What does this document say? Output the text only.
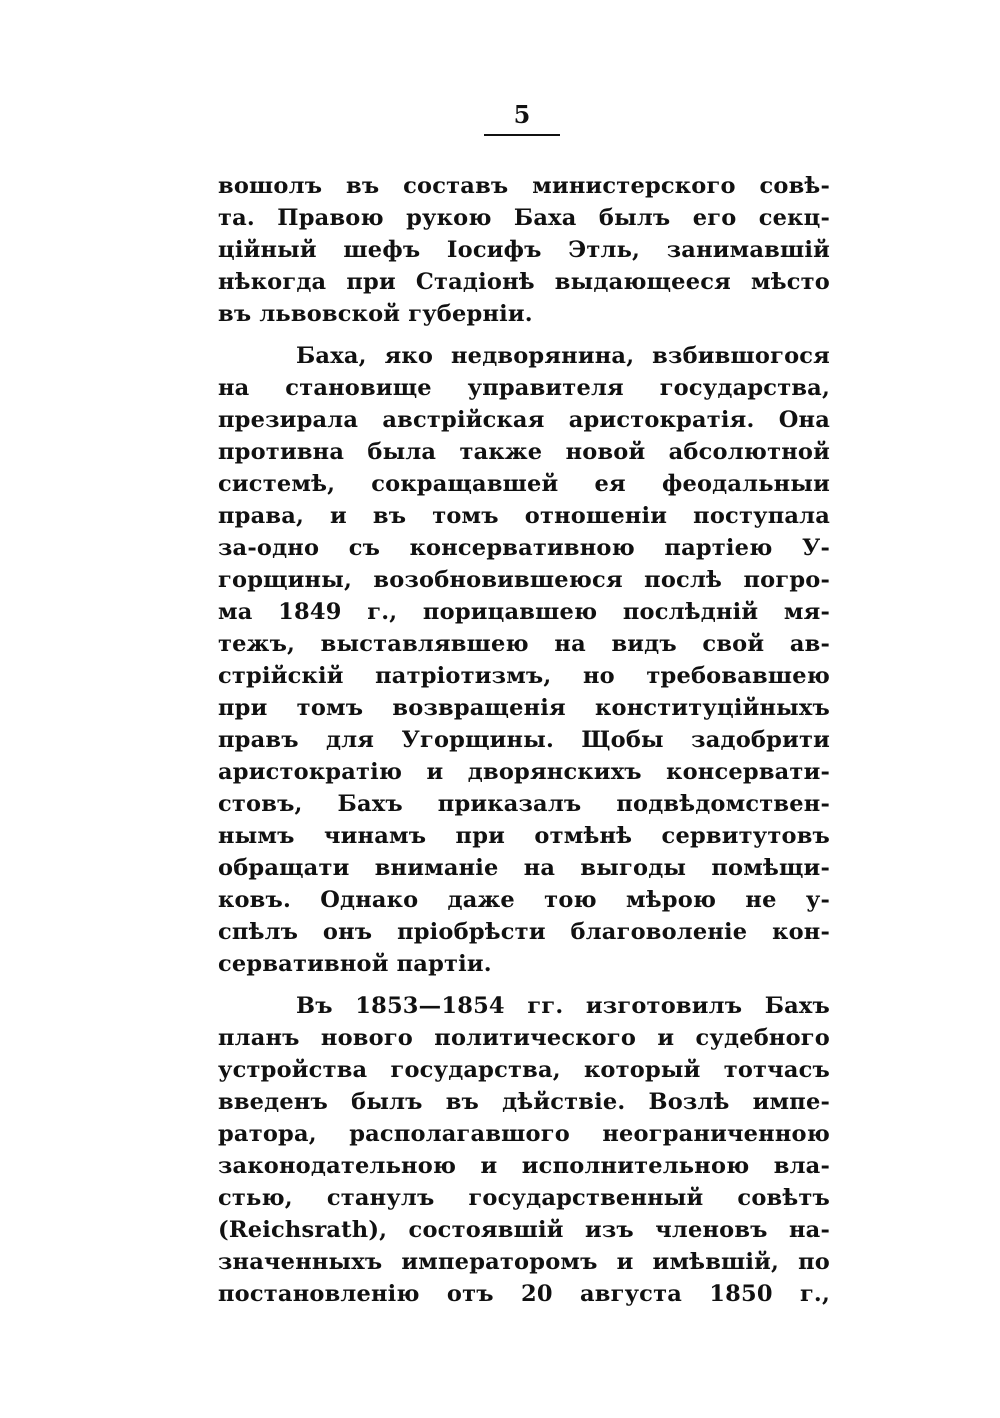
5
вошолъ въ составъ министерского совѣ-
та. Правою рукою Баха былъ его секц-
ційный шефъ Іосифъ Этль, занимавшій
нѣкогда при Стадіонѣ выдающееся мѣсто
въ львовской губерніи.
Баха, яко недворянина, взбившогося
на становище управителя государства,
презирала австрійская аристократія. Она
противна была также новой абсолютной
системѣ, сокращавшей ея феодальныи
права, и въ томъ отношеніи поступала
за-одно съ консервативною партіею У-
горщины, возобновившеюся послѣ погро-
ма 1849 г., порицавшею послѣдній мя-
тежъ, выставлявшею на видъ свой ав-
стрійскій патріотизмъ, но требовавшею
при томъ возвращенія конституційныхъ
правъ для Угорщины. Щобы задобрити
аристократію и дворянскихъ консервати-
стовъ, Бахъ приказалъ подвѣдомствен-
нымъ чинамъ при отмѣнѣ сервитутовъ
обращати вниманіе на выгоды помѣщи-
ковъ. Однако даже тою мѣрою не у-
спѣлъ онъ пріобрѣсти благоволеніе кон-
сервативной партіи.
Въ 1853—1854 гг. изготовилъ Бахъ
планъ нового политического и судебного
устройства государства, который тотчасъ
введенъ былъ въ дѣйствіе. Возлѣ импе-
ратора, располагавшого неограниченною
законодательною и исполнительною вла-
стью, станулъ государственный совѣтъ
(Reichsrath), состоявшій изъ членовъ на-
значенныхъ императоромъ и имѣвшій, по
постановленію отъ 20 августа 1850 г.,
